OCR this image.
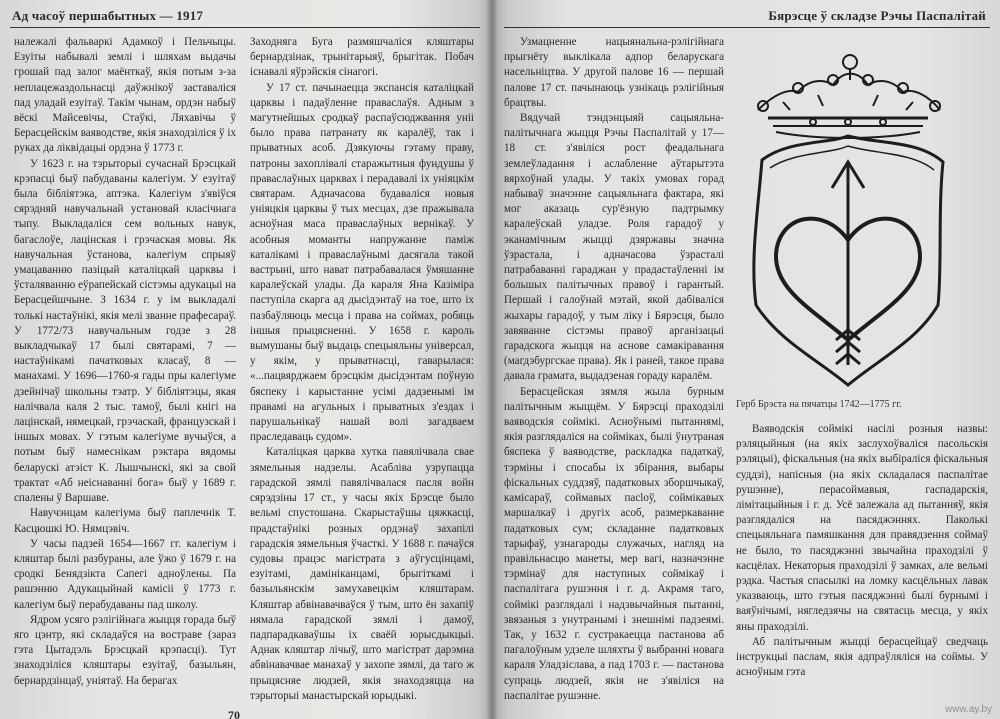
Ад часоў першабытных — 1917

належалі фальваркі Адамкоў і Пельчыцы. Езуіты набывалі землі і шляхам выдачы грошай пад залог маёнткаў, якія потым з-за неплацежаздольнасці даўжнікоў заставаліся пад уладай езуітаў. Такім чынам, ордэн набыў вёскі Майсевічы, Стаўкі, Ляхавічы ў Берасцейскім ваяводстве, якія знаходзіліся ў іх руках да ліквідацыі ордэна ў 1773 г.

У 1623 г. на тэрыторыі сучаснай Брэсцкай крэпасці быў пабудаваны калегіум. У езуітаў была бібліятэка, аптэка. Калегіум з'явіўся сярэдняй навучальнай установай класічнага тыпу. Выкладаліся сем вольных навук, багаслоўе, лацінская і грэчаская мовы. Як навучальная ўстанова, калегіум спрыяў умацаванню пазіцый каталіцкай царквы і ўсталяванню еўрапейскай сістэмы адукацыі на Берасцейшчыне. З 1634 г. у ім выкладалі толькі настаўнікі, якія мелі званне прафесараў. У 1772/73 навучальным годзе з 28 выкладчыкаў 17 былі святарамі, 7 — настаўнікамі пачатковых класаў, 8 — манахамі. У 1696—1760-я гады пры калегіуме дзейнічаў школьны тэатр. У бібліятэцы, якая налічвала каля 2 тыс. тамоў, былі кнігі на лацінскай, нямецкай, грэчаскай, французскай і іншых мовах. У гэтым калегіуме вучыўся, а потым быў намеснікам рэктара вядомы беларускі атэіст К. Лышчынскі, які за свой трактат «Аб неіснаванні бога» быў у 1689 г. спалены ў Варшаве.

Навучэнцам калегіума быў паплечнік Т. Касцюшкі Ю. Нямцэвіч.

У часы падзей 1654—1667 гг. калегіум і кляштар былі разбураны, але ўжо ў 1679 г. на сродкі Бенядзікта Сапегі адноўлены. Па рашэнню Адукацыйнай камісіі ў 1773 г. калегіум быў перабудаваны пад школу.

Ядром усяго рэлігійнага жыцця горада быў яго цэнтр, які складаўся на востраве (зараз гэта Цытадэль Брэсцкай крэпасці). Тут знаходзіліся кляштары езуітаў, базыльян, бернардзінцаў, уніятаў. На берагах

Заходняга Буга размяшчаліся кляштары бернардзінак, трынітарыяў, брыгітак. Побач існавалі яўрэйскія сінагогі.

У 17 ст. пачынаецца экспансія каталіцкай царквы і падаўленне праваслаўя. Адным з магутнейшых сродкаў распаўсюджвання уніі было права патранату як каралёў, так і прыватных асоб. Дзякуючы гэтаму праву, патроны захоплівалі старажытныя фундушы ў праваслаўных царквах і перадавалі іх уніяцкім святарам. Адначасова будаваліся новыя уніяцкія царквы ў тых месцах, дзе пражывала асноўная маса праваслаўных вернікаў. У асобныя моманты напружанне паміж каталікамі і праваслаўнымі дасягала такой вастрыні, што нават патрабавалася ўмяшанне каралеўскай улады. Да караля Яна Казіміра паступіла скарга ад дысідэнтаў на тое, што іх пазбаўляюць месца і права на соймах, робяць іншыя прыцясненні. У 1658 г. кароль вымушаны быў выдаць спецыяльны універсал, у якім, у прыватнасці, гаварылася: «...пацвярджаем брэсцкім дысідэнтам поўную бяспеку і карыстанне усімі дадзенымі ім правамі на агульных і прыватных з'ездах і парушальнікаў нашай волі загадваем праследаваць судом».

Каталіцкая царква хутка павялічвала свае зямельныя надзелы. Асабліва узрупацца гарадской зямлі павялічвалася пасля войн сярэдзіны 17 ст., у часы якіх Брэсце было вельмі спустошана. Скарыстаўшы цяжкасці, прадстаўнікі розных ордэнаў захапілі гарадскія зямельныя ўчасткі. У 1688 г. пачаўся судовы працэс магістрата з аўгусцінцамі, езуітамі, дамініканцамі, брыгіткамі і базыльянскім замухавецкім кляштарам. Кляштар абвінавачваўся ў тым, што ён захапіў нямала гарадской зямлі і дамоў, падпарадкаваўшы іх сваёй юрысдыкцыі. Аднак кляштар лічыў, што магістрат дарэмна абвінавачвае манахаў у захопе зямлі, да таго ж прыцясняе людзей, якія знаходзяцца на тэрыторыі манастырскай юрыдыкі.

70
Бярэсце ў складзе Рэчы Паспалітай

Узмацненне нацыянальна-рэлігійнага прыгнёту выклікала адпор беларускага насельніцтва. У другой палове 16 — першай палове 17 ст. пачынаюць узнікаць рэлігійныя брацтвы.

Вядучай тэндэнцыяй сацыяльна-палітычнага жыцця Рэчы Паспалітай у 17—18 ст. з'явіліся рост феадальнага землеўладання і аслабленне аўтарытэта вярхоўнай улады. У такіх умовах горад набываў значэнне сацыяльнага фактара, які мог аказаць сур'ёзную падтрымку каралеўскай уладзе. Роля гарадоў у эканамічным жыцці дзяржавы значна ўзрастала, і адначасова ўзрасталі патрабаванні гараджан у прадастаўленні ім большых палітычных правоў і гарантый. Першай і галоўнай мэтай, якой дабіваліся жыхары гарадоў, у тым ліку і Бярэсця, было завяванне сістэмы правоў арганізацыі гарадскога жыцця на аснове самакіравання (магдэбургскае права). Як і раней, такое права давала грамата, выдадзеная гораду каралём.

Берасцейская зямля жыла бурным палітычным жыццём. У Бярэсці праходзілі ваяводскія соймікі. Асноўнымі пытаннямі, якія разглядаліся на сойміках, былі ўнутраная бяспека ў ваяводстве, раскладка падаткаў, тэрміны і спосабы іх збірання, выбары фіскальных суддзяў, падатковых зборшчыкаў, камісараў, соймавых пасloў, соймікавых маршалкаў і другіх асоб, размеркаванне падатковых сум; складанне падатковых тарыфаў, узнагароды служачых, нагляд на правільнасцю манеты, мер вагі, назначэнне тэрмінаў для наступных соймікаў і паспалітага рушэння і г. д. Акрамя таго, соймікі разглядалі і надзвычайныя пытанні, звязаныя з унутранымі і знешнімі падзеямі. Так, у 1632 г. сустракаецца пастанова аб пагалоўным удзеле шляхты ў выбранні новага караля Уладзіслава, а пад 1703 г. — пастанова супраць людзей, якія не з'явіліся на паспалітае рушэнне.

Герб Брэста на пячатцы 1742—1775 гг.

Ваяводскія соймікі насілі розныя назвы: рэляцыйныя (на якіх заслухоўваліся пасольскія рэляцыі), фіскальныя (на якіх выбіраліся фіскальныя суддзі), напісныя (на якіх складалася паспалітае рушэнне), перасоймавыя, гаспадарскія, лімітацыйныя і г. д. Усё залежала ад пытанняў, якія разглядаліся на пасяджэннях. Паколькі спецыяльнага памяшкання для правядзення соймаў не было, то пасяджэнні звычайна праходзілі ў касцёлах. Некаторыя праходзілі ў замках, але вельмі рэдка. Частыя спасылкі на ломку касцёльных лавак указваюць, што гэтыя пасяджэнні былі бурнымі і ваяўнічымі, нягледзячы на святасць месца, у якіх яны праходзілі.

Аб палітычным жыцці берасцейцаў сведчаць інструкцыі паслам, якія адпраўляліся на соймы. У асноўным гэта

www.ay.by
